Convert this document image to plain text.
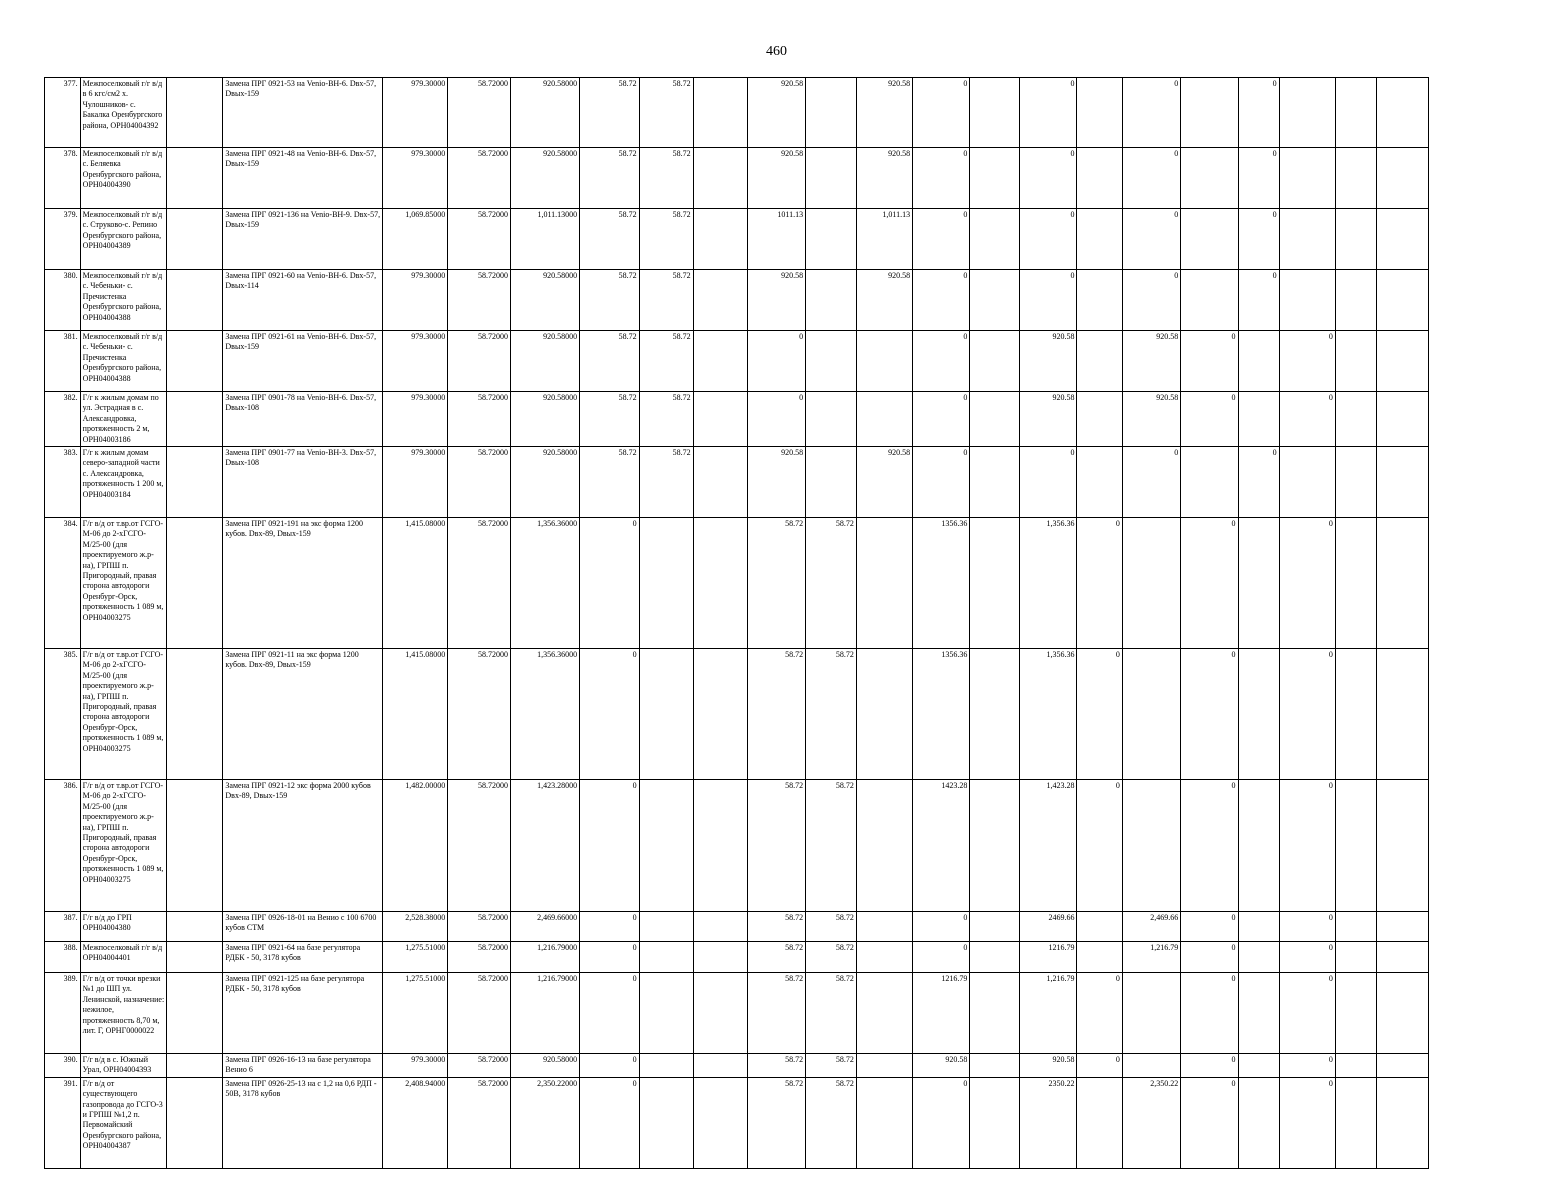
460
377.	Межпоселковый г/г в/д в 6 кгс/см2 х. Чулошников- с. Бакалка Оренбургского района, ОРН04004392		Замена ПРГ 0921-53 на Venio-ВН-6. Dвх-57, Dвых-159	979.30000	58.72000	920.58000	58.72	58.72		920.58		920.58	0		0		0		0			
378.	Межпоселковый г/г в/д с. Беляевка Оренбургского района, ОРН04004390		Замена ПРГ 0921-48 на Venio-ВН-6. Dвх-57, Dвых-159	979.30000	58.72000	920.58000	58.72	58.72		920.58		920.58	0		0		0		0			
379.	Межпоселковый г/г в/д с. Струково-с. Репино Оренбургского района, ОРН04004389		Замена ПРГ 0921-136 на Venio-ВН-9. Dвх-57, Dвых-159	1,069.85000	58.72000	1,011.13000	58.72	58.72		1011.13		1,011.13	0		0		0		0			
380.	Межпоселковый г/г в/д с. Чебеньки- с. Пречистенка Оренбургского района, ОРН04004388		Замена ПРГ 0921-60 на Venio-ВН-6. Dвх-57, Dвых-114	979.30000	58.72000	920.58000	58.72	58.72		920.58		920.58	0		0		0		0			
381.	Межпоселковый г/г в/д с. Чебеньки- с. Пречистенка Оренбургского района, ОРН04004388		Замена ПРГ 0921-61 на Venio-ВН-6. Dвх-57, Dвых-159	979.30000	58.72000	920.58000	58.72	58.72		0			0		920.58		920.58	0		0		
382.	Г/г к жилым домам по ул. Эстрадная в с. Александровка, протяженность 2 м, ОРН04003186		Замена ПРГ 0901-78 на Venio-ВН-6. Dвх-57, Dвых-108	979.30000	58.72000	920.58000	58.72	58.72		0			0		920.58		920.58	0		0		
383.	Г/г к жилым домам северо-западной части с. Александровка, протяженность 1 200 м, ОРН04003184		Замена ПРГ 0901-77 на Venio-ВН-3. Dвх-57, Dвых-108	979.30000	58.72000	920.58000	58.72	58.72		920.58		920.58	0		0		0		0			
384.	Г/г в/д от т.вр.от ГСГО-М-06 до 2-хГСГО-М/25-00 (для проектируемого ж.р-на), ГРПШ п. Пригородный, правая сторона автодороги Оренбург-Орск, протяженность 1 089 м, ОРН04003275		Замена ПРГ 0921-191 на экс форма 1200 кубов. Dвх-89, Dвых-159	1,415.08000	58.72000	1,356.36000	0			58.72	58.72		1356.36		1,356.36	0		0		0		
385.	Г/г в/д от т.вр.от ГСГО-М-06 до 2-хГСГО-М/25-00 (для проектируемого ж.р-на), ГРПШ п. Пригородный, правая сторона автодороги Оренбург-Орск, протяженность 1 089 м, ОРН04003275		Замена ПРГ 0921-11 на экс форма 1200 кубов. Dвх-89, Dвых-159	1,415.08000	58.72000	1,356.36000	0			58.72	58.72		1356.36		1,356.36	0		0		0		
386.	Г/г в/д от т.вр.от ГСГО-М-06 до 2-хГСГО-М/25-00 (для проектируемого ж.р-на), ГРПШ п. Пригородный, правая сторона автодороги Оренбург-Орск, протяженность 1 089 м, ОРН04003275		Замена ПРГ 0921-12 экс форма 2000 кубов Dвх-89, Dвых-159	1,482.00000	58.72000	1,423.28000	0			58.72	58.72		1423.28		1,423.28	0		0		0		
387.	Г/г в/д до ГРП ОРН04004380		Замена ПРГ 0926-18-01 на Венио с 100 6700 кубов СТМ	2,528.38000	58.72000	2,469.66000	0			58.72	58.72		0		2469.66		2,469.66	0		0		
388.	Межпоселковый г/г в/д ОРН04004401		Замена ПРГ 0921-64 на базе регулятора РДБК - 50, 3178 кубов	1,275.51000	58.72000	1,216.79000	0			58.72	58.72		0		1216.79		1,216.79	0		0		
389.	Г/г в/д от точки врезки №1 до ШП ул. Ленинской, назначение: нежилое, протяженность 8,70 м, лит. Г, ОРНГ0000022		Замена ПРГ 0921-125 на базе регулятора РДБК - 50, 3178 кубов	1,275.51000	58.72000	1,216.79000	0			58.72	58.72		1216.79		1,216.79	0		0		0		
390.	Г/г в/д в с. Южный Урал, ОРН04004393		Замена ПРГ 0926-16-13 на базе регулятора Венио 6	979.30000	58.72000	920.58000	0			58.72	58.72		920.58		920.58	0		0		0		
391.	Г/г в/д от существующего газопровода до ГСГО-3 и ГРПШ №1,2 п. Первомайский Оренбургского района, ОРН04004387		Замена ПРГ 0926-25-13 на с 1,2 на 0,6 РДП - 50В, 3178 кубов	2,408.94000	58.72000	2,350.22000	0			58.72	58.72		0		2350.22		2,350.22	0		0		
